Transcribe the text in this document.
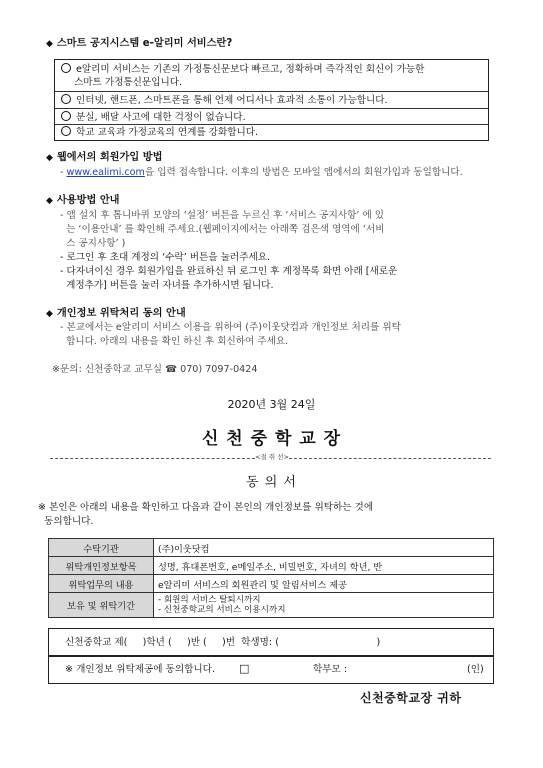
◆ 스마트 공지시스템 e-알리미 서비스란?
e알리미 서비스는 기존의 가정통신문보다 빠르고, 정확하며 즉각적인 회신이 가능한
스마트 가정통신문입니다.
인터넷, 핸드폰, 스마트폰을 통해 언제 어디서나 효과적 소통이 가능합니다.
분실, 배달 사고에 대한 걱정이 없습니다.
학교 교육과 가정교육의 연계를 강화합니다.
◆ 웹에서의 회원가입 방법
- www.ealimi.com을 입력 접속합니다. 이후의 방법은 모바일 앱에서의 회원가입과 동일합니다.
◆ 사용방법 안내
- 앱 설치 후 톱니바퀴 모양의 ‘설정’ 버튼을 누르신 후 ‘서비스 공지사항’ 에 있
는 ‘이용안내’ 를 확인해 주세요.(웹페이지에서는 아래쪽 검은색 영역에 ‘서비
스 공지사항’ )
- 로그인 후 초대 계정의 ‘수락’ 버튼을 눌러주세요.
- 다자녀이신 경우 회원가입을 완료하신 뒤 로그인 후 계정목록 화면 아래 [새로운
계정추가] 버튼을 눌러 자녀를 추가하시면 됩니다.
◆ 개인정보 위탁처리 동의 안내
- 본교에서는 e알리미 서비스 이용을 위하여 (주)이웃닷컴과 개인정보 처리를 위탁
합니다. 아래의 내용을 확인 하신 후 회신하여 주세요.
※문의: 신천중학교 교무실 ☎ 070) 7097-0424
2020년 3월 24일
신 천 중 학 교 장
<절 취 선>
동 의 서
※ 본인은 아래의 내용을 확인하고 다음과 같이 본인의 개인정보를 위탁하는 것에
동의합니다.
수탁기관	(주)이웃닷컴
위탁개인정보항목	성명, 휴대폰번호, e메일주소, 비밀번호, 자녀의 학년, 반
위탁업무의 내용	e알리미 서비스의 회원관리 및 알림서비스 제공
보유 및 위탁기간	- 회원의 서비스 탈퇴시까지
- 신천중학교의 서비스 이용시까지
신천중학교 제(     )학년 (     )반 (     )번  학생명: (                                )
※ 개인정보 위탁제공에 동의합니다. □	학부모 :	(인)
신천중학교장 귀하
